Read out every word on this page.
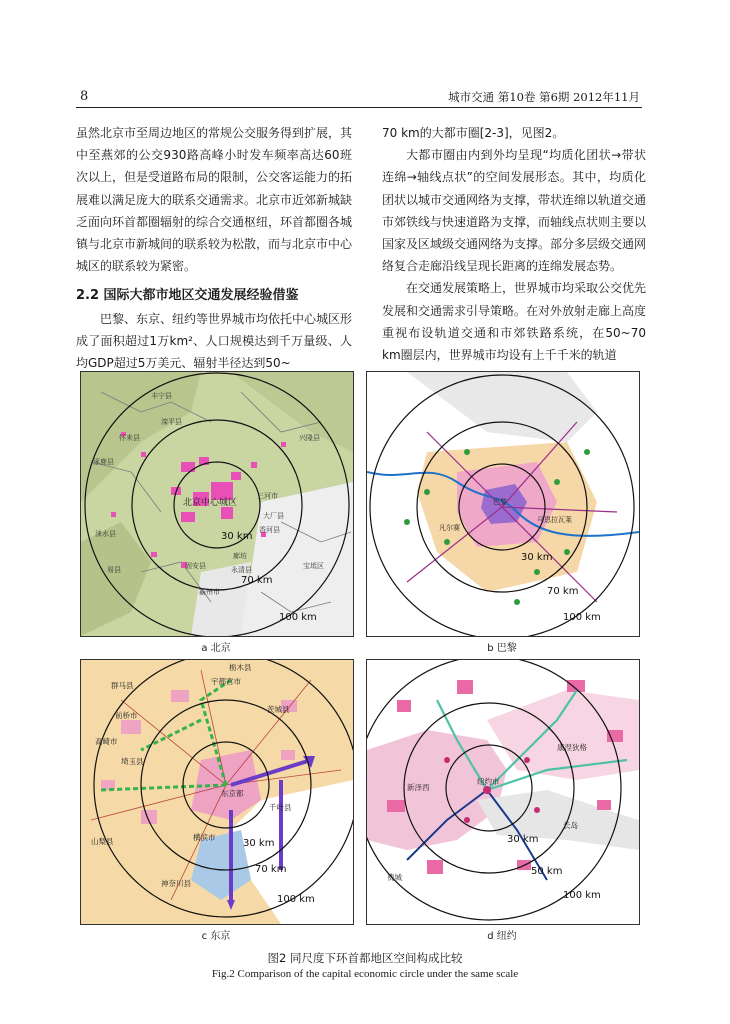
8	城市交通 第10卷 第6期 2012年11月

虽然北京市至周边地区的常规公交服务得到扩展，其中至燕郊的公交930路高峰小时发车频率高达60班次以上，但是受道路布局的限制，公交客运能力的拓展难以满足庞大的联系交通需求。北京市近郊新城缺乏面向环首都圈辐射的综合交通枢纽，环首都圈各城镇与北京市新城间的联系较为松散，而与北京市中心城区的联系较为紧密。

2.2 国际大都市地区交通发展经验借鉴

巴黎、东京、纽约等世界城市均依托中心城区形成了面积超过1万km²、人口规模达到千万量级、人均GDP超过5万美元、辐射半径达到50~

70 km的大都市圈[2-3]，见图2。

大都市圈由内到外均呈现“均质化团状→带状连绵→轴线点状”的空间发展形态。其中，均质化团状以城市交通网络为支撑，带状连绵以轨道交通市郊铁线与快速道路为支撑，而轴线点状则主要以国家及区域级交通网络为支撑。部分多层级交通网络复合走廊沿线呈现长距离的连绵发展态势。

在交通发展策略上，世界城市均采取公交优先发展和交通需求引导策略。在对外放射走廊上高度重视布设轨道交通和市郊铁路系统，在50~70 km圈层内，世界城市均设有上千千米的轨道

北京中心城区
30 km
70 km
100 km
丰宁县
滦平县
怀来县	兴隆县
涿鹿县
三河市
大厂县
香河县
涞水县
固安县
霸州市
廊坊
永清县
易县	宝坻区
a 北京
30 km
70 km
100 km
巴黎
凡尔赛
马恩拉瓦莱
b 巴黎
30 km
70 km
100 km
栃木县
宇都宫市
群马县
前桥市
高崎市
茨城县
埼玉县
千叶县
东京都
山梨县
神奈川县
横滨市
c 东京
30 km
50 km
100 km
纽约市
长岛
新泽西
康涅狄格
费城
d 纽约
图2 同尺度下环首都地区空间构成比较
Fig.2 Comparison of the capital economic circle under the same scale
